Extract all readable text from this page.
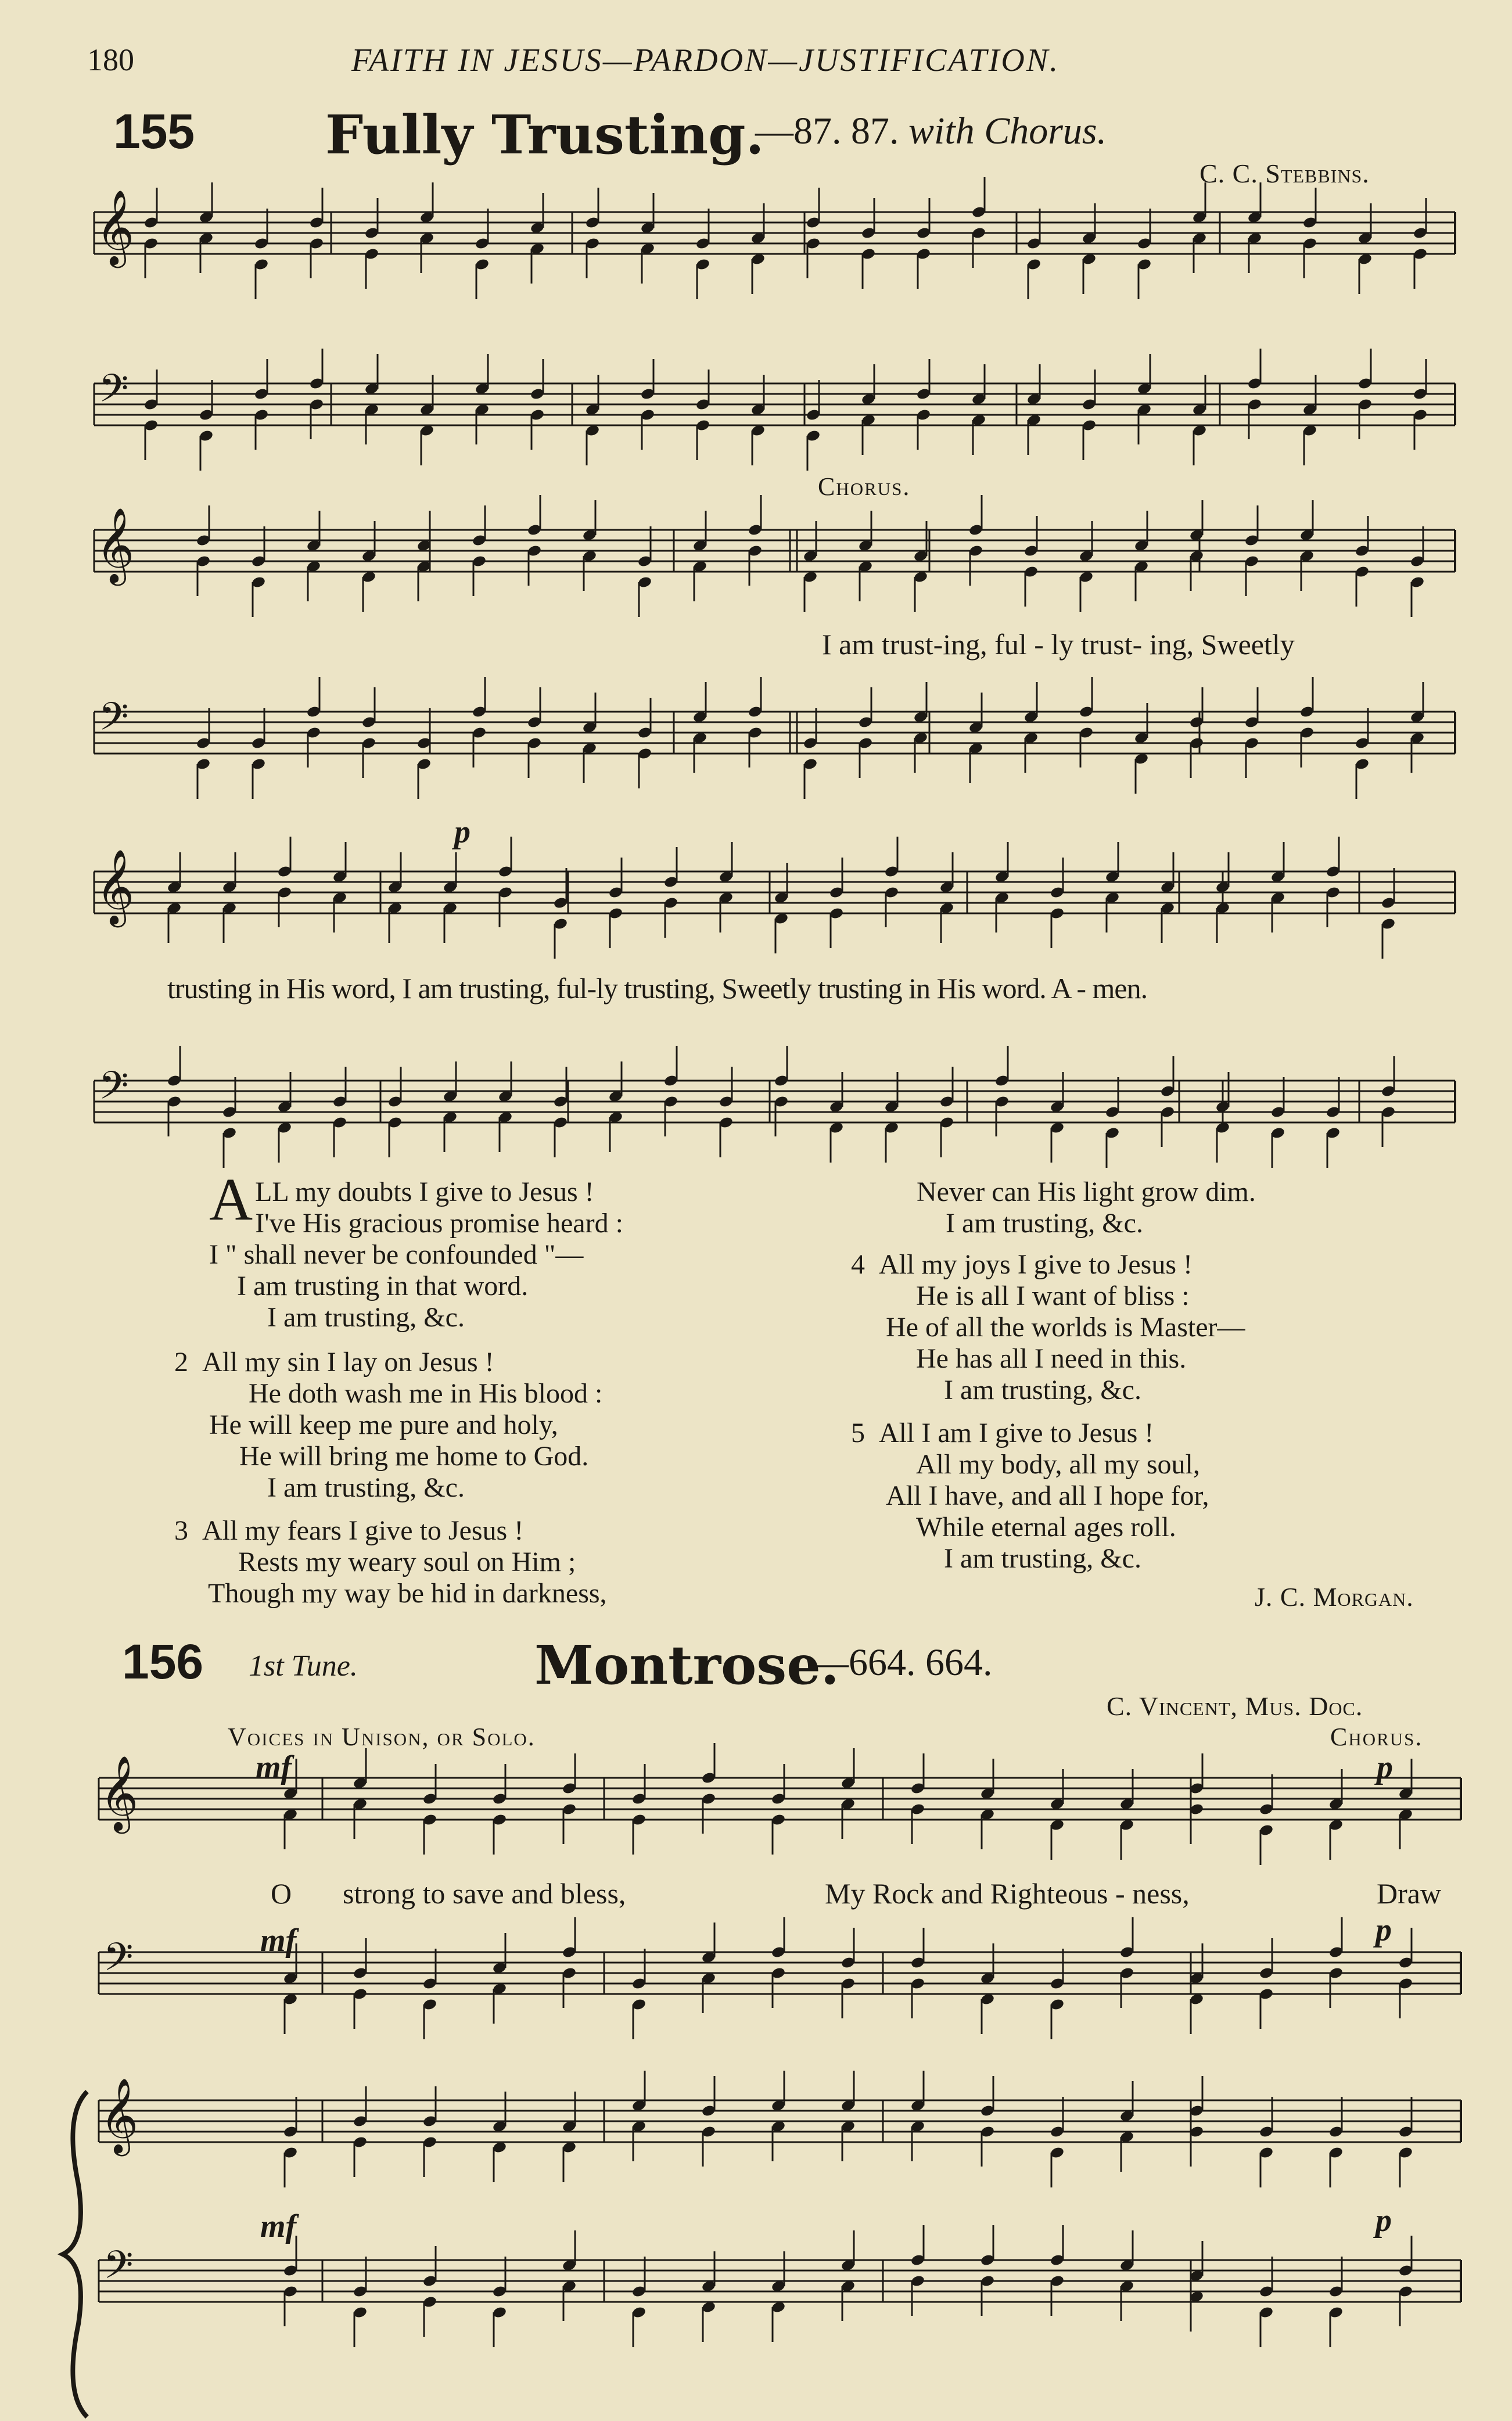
180	FAITH IN JESUS—PARDON—JUSTIFICATION.
155 Fully Trusting.
—87. 87. with Chorus.
C. C. Stebbins.
𝄞
𝄢
𝄞
𝄢
𝄞
𝄢
𝄞
𝄢
𝄞
𝄢
Chorus.
I am trust-ing, ful - ly trust- ing, Sweetly
trusting in His word, I am trusting, ful-ly trusting, Sweetly trusting in His word. A - men.
p
ALL my doubts I give to Jesus !
I've His gracious promise heard :
I " shall never be confounded "—
I am trusting in that word.
I am trusting, &c.
2 All my sin I lay on Jesus !
He doth wash me in His blood :
He will keep me pure and holy,
He will bring me home to God.
I am trusting, &c.
3 All my fears I give to Jesus !
Rests my weary soul on Him ;
Though my way be hid in darkness,
Never can His light grow dim.
I am trusting, &c.
4 All my joys I give to Jesus !
He is all I want of bliss :
He of all the worlds is Master—
He has all I need in this.
I am trusting, &c.
5 All I am I give to Jesus !
All my body, all my soul,
All I have, and all I hope for,
While eternal ages roll.
I am trusting, &c.
J. C. Morgan.
156 1st Tune.	Montrose.
—664. 664.
C. Vincent, Mus. Doc.
Voices in Unison, or Solo.	Chorus.
mf	p
O strong to save and bless,	My Rock and Righteous - ness,	Draw
mf	p
mf	p
